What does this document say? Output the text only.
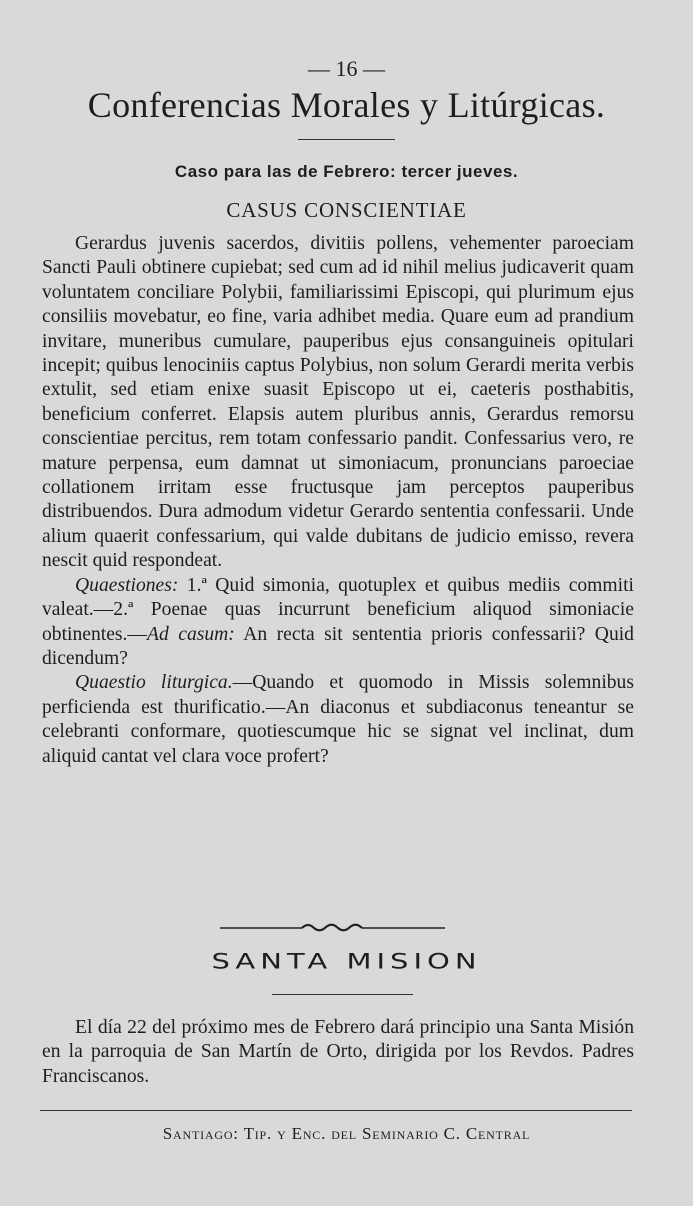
— 16 —
Conferencias Morales y Litúrgicas.
Caso para las de Febrero: tercer jueves.
CASUS CONSCIENTIAE

Gerardus juvenis sacerdos, divitiis pollens, vehementer paroeciam Sancti Pauli obtinere cupiebat; sed cum ad id nihil melius judicaverit quam voluntatem conciliare Polybii, familiarissimi Episcopi, qui plurimum ejus consiliis movebatur, eo fine, varia adhibet media. Quare eum ad prandium invitare, muneribus cumulare, pauperibus ejus consanguineis opitulari incepit; quibus lenociniis captus Polybius, non solum Gerardi merita verbis extulit, sed etiam enixe suasit Episcopo ut ei, caeteris posthabitis, beneficium conferret. Elapsis autem pluribus annis, Gerardus remorsu conscientiae percitus, rem totam confessario pandit. Confessarius vero, re mature perpensa, eum damnat ut simoniacum, pronuncians paroeciae collationem irritam esse fructusque jam perceptos pauperibus distribuendos. Dura admodum videtur Gerardo sententia confessarii. Unde alium quaerit confessarium, qui valde dubitans de judicio emisso, revera nescit quid respondeat.

Quaestiones: 1.ª Quid simonia, quotuplex et quibus mediis commiti valeat.—2.ª Poenae quas incurrunt beneficium aliquod simoniacie obtinentes.—Ad casum: An recta sit sententia prioris confessarii? Quid dicendum?

Quaestio liturgica.—Quando et quomodo in Missis solemnibus perficienda est thurificatio.—An diaconus et subdiaconus teneantur se celebranti conformare, quotiescumque hic se signat vel inclinat, dum aliquid cantat vel clara voce profert?

SANTA MISION

El día 22 del próximo mes de Febrero dará principio una Santa Misión en la parroquia de San Martín de Orto, dirigida por los Revdos. Padres Franciscanos.

Santiago: Tip. y Enc. del Seminario C. Central
